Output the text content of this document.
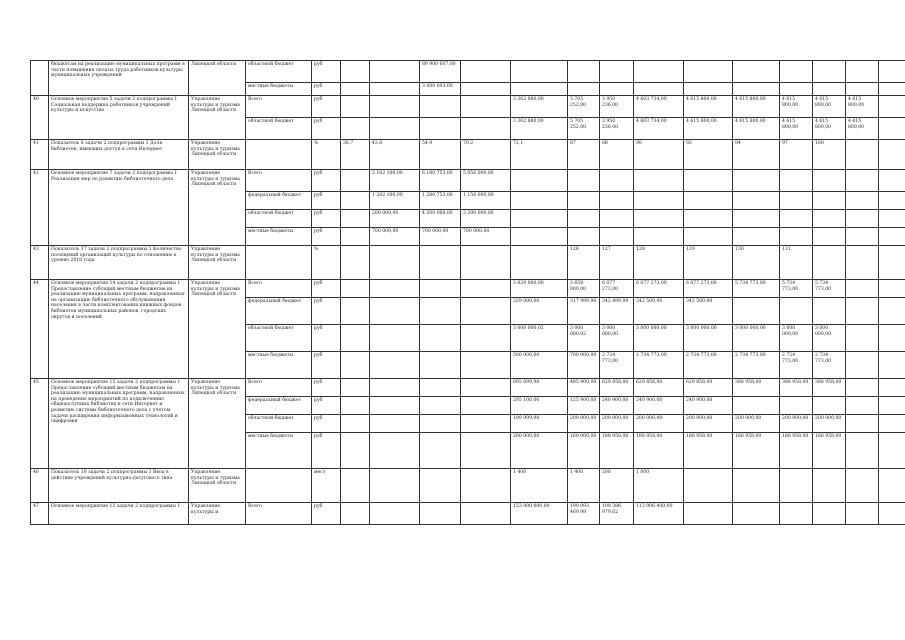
	бюджетам на реализацию муниципальных программ в части повышения оплаты труда работников культуры муниципальных учреждений	Липецкой области	областной бюджет	руб			89 900 607,00											
			местные бюджеты	руб			3 000 003,00											
40	Основное мероприятие 5 задачи 2 подпрограммы 1 Социальная поддержка работников учреждений культуры и искусства	Управление культуры и туризма Липецкой области	Всего	руб					3 362 880,00	5 705 252,00	3 950 236,00	4 603 734,00	4 615 800,00	4 615 800,00	4 615 800,00	4 615 800,00	4 615 800,00	
			областной бюджет	руб					3 362 880,00	5 705 252,00	3 950 236,00	4 603 734,00	4 615 800,00	4 615 800,00	4 615 800,00	4 615 800,00	4 615 800,00	
41	Показатель 8 задачи 2 подпрограммы 1 Доля библиотек, имеющих доступ к сети Интернет	Управление культуры и туризма Липецкой области		%	36,7	43,8	54,9	70,2	72,1	87	88	90	92	94	97	100		
42	Основное мероприятие 7 задачи 2 подпрограммы 1 Реализация мер по развитию библиотечного дела	Управление культуры и туризма Липецкой области	Всего	руб		2 182 100,00	6 180 753,00	5 056 000,00										
			федеральный бюджет	руб		1 282 100,00	1 280 753,00	1 156 000,00										
			областной бюджет	руб		200 000,00	4 200 000,00	3 200 000,00										
			местные бюджеты	руб		700 000,00	700 000,00	700 000,00										
43	Показатель 17 задачи 2 подпрограммы 1 Количество посещений организаций культуры по отношению к уровню 2010 года	Управление культуры и туризма Липецкой области		%						126	127	128	129	130	131			
44	Основное мероприятие 14 задачи 2 подпрограммы 1 Предоставление субсидий местным бюджетам на реализацию муниципальных программ, направленных на организацию библиотечного обслуживания населения в части комплектования книжных фондов библиотек муниципальных районов, городских округов и поселений	Управление культуры и туризма Липецкой области	Всего	руб					3 829 000,00	3 658 000,00	6 077 273,00	6 077 273,00	6 077 273,00	5 734 773,00	5 734 773,00	5 734 773,00		
			федеральный бюджет	руб					329 000,00	317 999,98	342 499,99	342 500,00	342 500,00					
			областной бюджет	руб					3 000 000,02	3 000 000,02	3 000 000,00	3 000 000,00	3 000 000,00	3 000 000,00	3 000 000,00	3 000 000,00		
			местные бюджеты	руб					500 000,00	700 000,00	2 734 773,00	2 734 773,00	2 734 773,00	2 734 773,00	2 734 773,00	2 734 773,00		
45	Основное мероприятие 15 задачи 2 подпрограммы 1 Предоставление субсидий местным бюджетам на реализацию муниципальных программ, направленных на проведение мероприятий по подключению общедоступных библиотек к сети Интернет и развитию системы библиотечного дела с учетом задачи расширения информационных технологий и оцифровки	Управление культуры и туризма Липецкой области	Всего	руб					695 099,98	485 900,00	629 858,00	629 858,00	629 858,00	388 958,00	388 958,00	388 958,00		
			федеральный бюджет	руб					295 100,00	125 900,00	240 900,00	240 900,00	240 900,00					
			областной бюджет	руб					199 999,98	200 000,00	200 000,00	200 000,00	200 000,00	200 000,00	200 000,00	200 000,00		
			местные бюджеты	руб					200 000,00	160 000,00	188 958,00	188 958,00	188 958,00	188 958,00	188 958,00	188 958,00		
46	Показатель 18 задачи 2 подпрограммы 1 Ввод в действие учреждений культурно-досугового типа	Управление культуры и туризма Липецкой области		мест					1 400	1 400	200	1 000						
47	Основное мероприятие 13 задачи 2 подпрограммы 1	Управление культуры и	Всего	руб					153 000 000,00	190 993 469,98	109 386 979,62	113 906 400,00						
